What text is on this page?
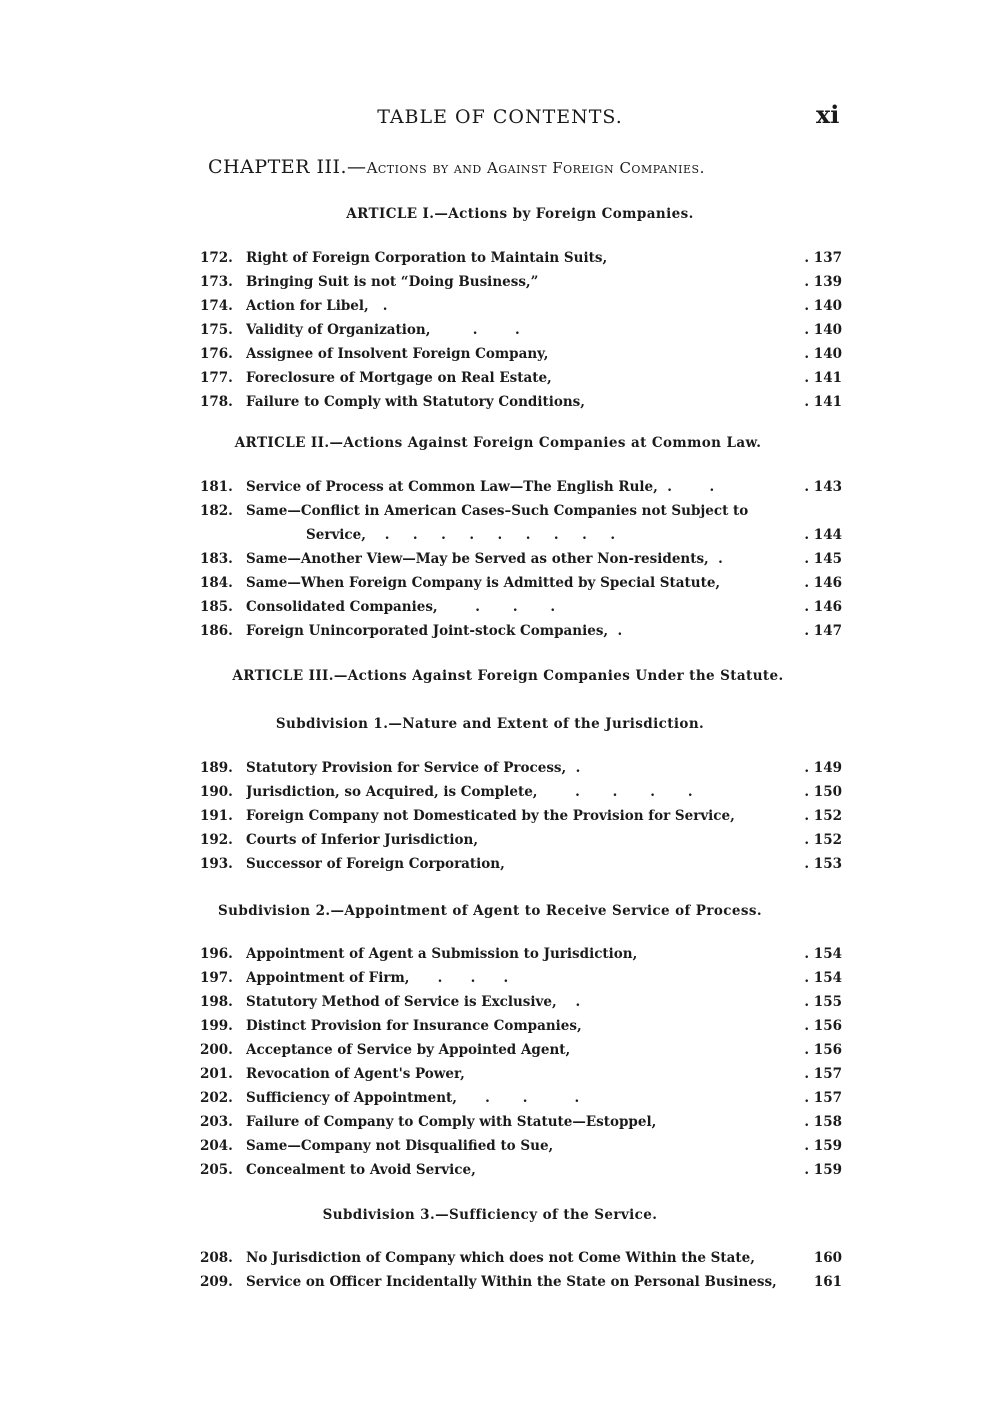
TABLE OF CONTENTS.	xi
CHAPTER III.—Actions by and Against Foreign Companies.
ARTICLE I.—Actions by Foreign Companies.
172. Right of Foreign Corporation to Maintain Suits,	. 137
173. Bringing Suit is not “Doing Business,”	. 139
174. Action for Libel,   .	. 140
175. Validity of Organization,         .        .	. 140
176. Assignee of Insolvent Foreign Company,	. 140
177. Foreclosure of Mortgage on Real Estate,	. 141
178. Failure to Comply with Statutory Conditions,	. 141
ARTICLE II.—Actions Against Foreign Companies at Common Law.
181. Service of Process at Common Law—The English Rule,  .        .	. 143
182. Same—Conflict in American Cases–Such Companies not Subject to
Service,    .     .     .     .     .     .     .     .     .	. 144
183. Same—Another View—May be Served as other Non-residents,  .	. 145
184. Same—When Foreign Company is Admitted by Special Statute,	. 146
185. Consolidated Companies,        .       .       .	. 146
186. Foreign Unincorporated Joint-stock Companies,  .	. 147
ARTICLE III.—Actions Against Foreign Companies Under the Statute.
Subdivision 1.—Nature and Extent of the Jurisdiction.
189. Statutory Provision for Service of Process,  .	. 149
190. Jurisdiction, so Acquired, is Complete,        .       .       .       .	. 150
191. Foreign Company not Domesticated by the Provision for Service,	. 152
192. Courts of Inferior Jurisdiction,	. 152
193. Successor of Foreign Corporation,	. 153
Subdivision 2.—Appointment of Agent to Receive Service of Process.
196. Appointment of Agent a Submission to Jurisdiction,	. 154
197. Appointment of Firm,      .      .      .	. 154
198. Statutory Method of Service is Exclusive,    .	. 155
199. Distinct Provision for Insurance Companies,	. 156
200. Acceptance of Service by Appointed Agent,	. 156
201. Revocation of Agent's Power,	. 157
202. Sufficiency of Appointment,      .       .          .	. 157
203. Failure of Company to Comply with Statute—Estoppel,	. 158
204. Same—Company not Disqualified to Sue,	. 159
205. Concealment to Avoid Service,	. 159
Subdivision 3.—Sufficiency of the Service.
208. No Jurisdiction of Company which does not Come Within the State,	160
209. Service on Officer Incidentally Within the State on Personal Business,	161
